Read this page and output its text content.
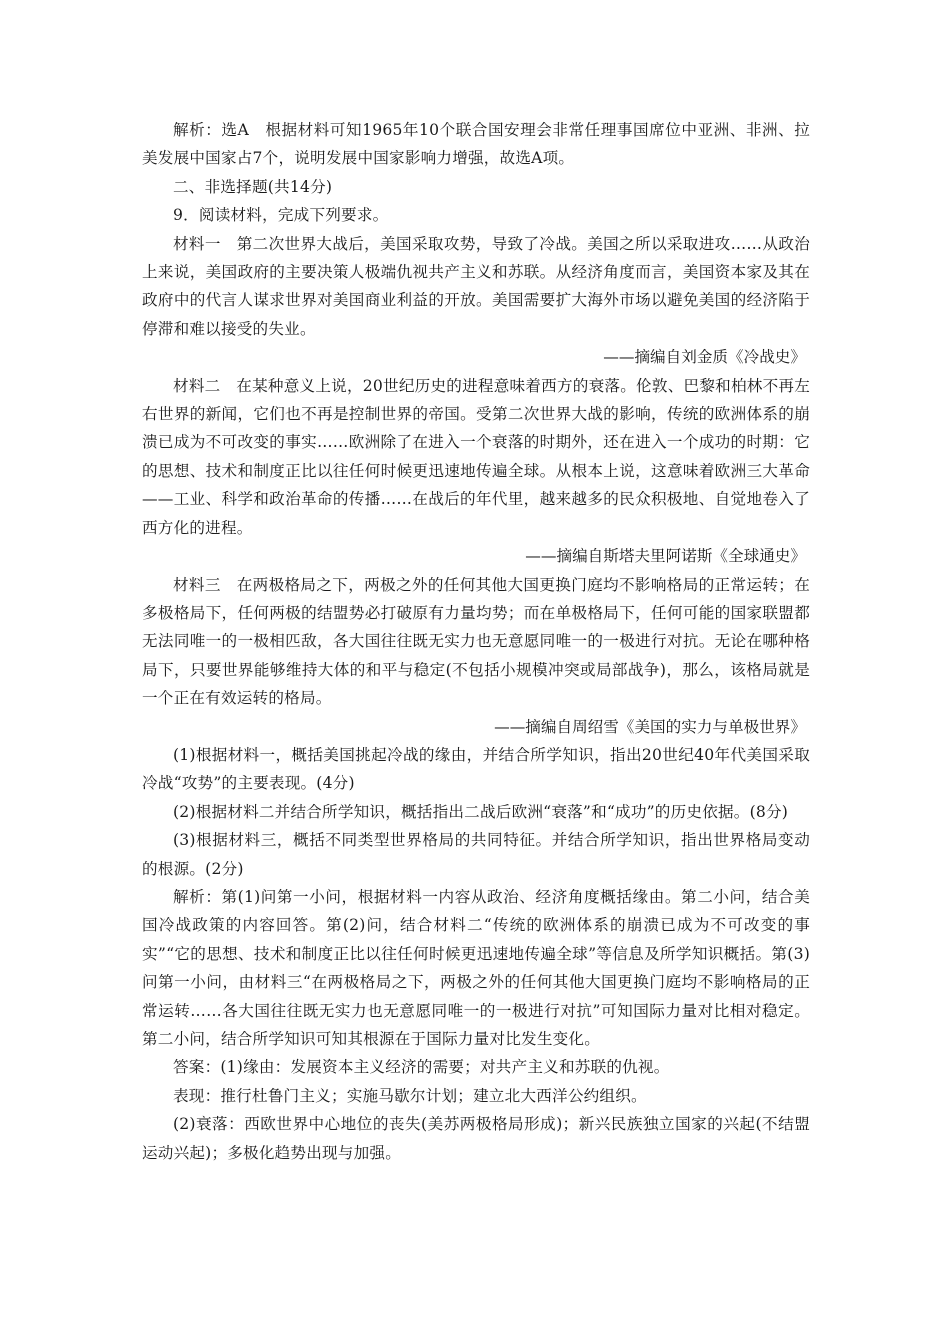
解析：选A　根据材料可知1965年10个联合国安理会非常任理事国席位中亚洲、非洲、拉美发展中国家占7个，说明发展中国家影响力增强，故选A项。

二、非选择题(共14分)

9．阅读材料，完成下列要求。

材料一　第二次世界大战后，美国采取攻势，导致了冷战。美国之所以采取进攻……从政治上来说，美国政府的主要决策人极端仇视共产主义和苏联。从经济角度而言，美国资本家及其在政府中的代言人谋求世界对美国商业利益的开放。美国需要扩大海外市场以避免美国的经济陷于停滞和难以接受的失业。

——摘编自刘金质《冷战史》

材料二　在某种意义上说，20世纪历史的进程意味着西方的衰落。伦敦、巴黎和柏林不再左右世界的新闻，它们也不再是控制世界的帝国。受第二次世界大战的影响，传统的欧洲体系的崩溃已成为不可改变的事实……欧洲除了在进入一个衰落的时期外，还在进入一个成功的时期：它的思想、技术和制度正比以往任何时候更迅速地传遍全球。从根本上说，这意味着欧洲三大革命——工业、科学和政治革命的传播……在战后的年代里，越来越多的民众积极地、自觉地卷入了西方化的进程。

——摘编自斯塔夫里阿诺斯《全球通史》

材料三　在两极格局之下，两极之外的任何其他大国更换门庭均不影响格局的正常运转；在多极格局下，任何两极的结盟势必打破原有力量均势；而在单极格局下，任何可能的国家联盟都无法同唯一的一极相匹敌，各大国往往既无实力也无意愿同唯一的一极进行对抗。无论在哪种格局下，只要世界能够维持大体的和平与稳定(不包括小规模冲突或局部战争)，那么，该格局就是一个正在有效运转的格局。

——摘编自周绍雪《美国的实力与单极世界》

(1)根据材料一，概括美国挑起冷战的缘由，并结合所学知识，指出20世纪40年代美国采取冷战“攻势”的主要表现。(4分)

(2)根据材料二并结合所学知识，概括指出二战后欧洲“衰落”和“成功”的历史依据。(8分)

(3)根据材料三，概括不同类型世界格局的共同特征。并结合所学知识，指出世界格局变动的根源。(2分)

解析：第(1)问第一小问，根据材料一内容从政治、经济角度概括缘由。第二小问，结合美国冷战政策的内容回答。第(2)问，结合材料二“传统的欧洲体系的崩溃已成为不可改变的事实”“它的思想、技术和制度正比以往任何时候更迅速地传遍全球”等信息及所学知识概括。第(3)问第一小问，由材料三“在两极格局之下，两极之外的任何其他大国更换门庭均不影响格局的正常运转……各大国往往既无实力也无意愿同唯一的一极进行对抗”可知国际力量对比相对稳定。第二小问，结合所学知识可知其根源在于国际力量对比发生变化。

答案：(1)缘由：发展资本主义经济的需要；对共产主义和苏联的仇视。

表现：推行杜鲁门主义；实施马歇尔计划；建立北大西洋公约组织。

(2)衰落：西欧世界中心地位的丧失(美苏两极格局形成)；新兴民族独立国家的兴起(不结盟运动兴起)；多极化趋势出现与加强。
